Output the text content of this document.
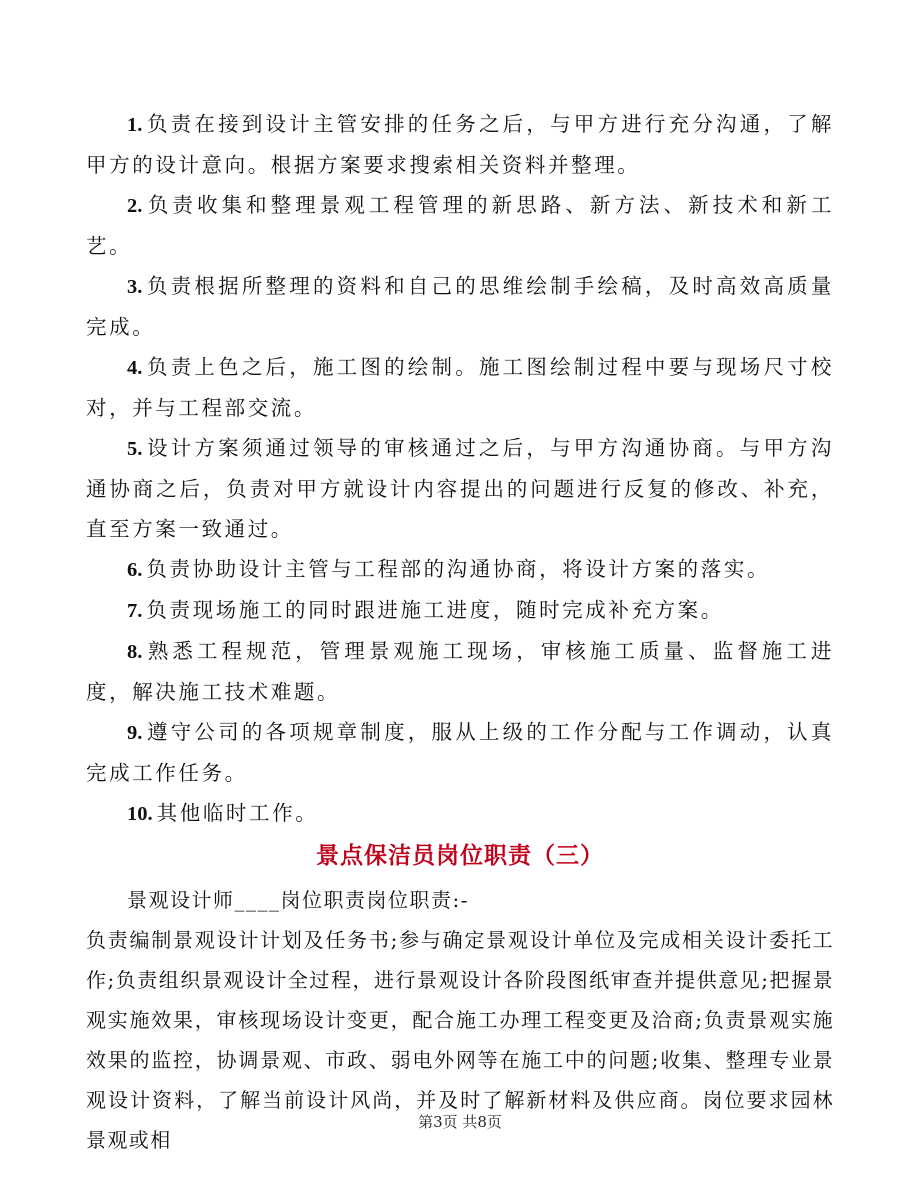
1. 负责在接到设计主管安排的任务之后，与甲方进行充分沟通，了解甲方的设计意向。根据方案要求搜索相关资料并整理。

2. 负责收集和整理景观工程管理的新思路、新方法、新技术和新工艺。

3. 负责根据所整理的资料和自己的思维绘制手绘稿，及时高效高质量完成。

4. 负责上色之后，施工图的绘制。施工图绘制过程中要与现场尺寸校对，并与工程部交流。

5. 设计方案须通过领导的审核通过之后，与甲方沟通协商。与甲方沟通协商之后，负责对甲方就设计内容提出的问题进行反复的修改、补充，直至方案一致通过。

6. 负责协助设计主管与工程部的沟通协商，将设计方案的落实。

7. 负责现场施工的同时跟进施工进度，随时完成补充方案。

8. 熟悉工程规范，管理景观施工现场，审核施工质量、监督施工进度，解决施工技术难题。

9. 遵守公司的各项规章制度，服从上级的工作分配与工作调动，认真完成工作任务。

10. 其他临时工作。

景点保洁员岗位职责（三）

景观设计师____岗位职责岗位职责:-

负责编制景观设计计划及任务书;参与确定景观设计单位及完成相关设计委托工作;负责组织景观设计全过程，进行景观设计各阶段图纸审查并提供意见;把握景观实施效果，审核现场设计变更，配合施工办理工程变更及洽商;负责景观实施效果的监控，协调景观、市政、弱电外网等在施工中的问题;收集、整理专业景观设计资料，了解当前设计风尚，并及时了解新材料及供应商。岗位要求园林景观或相

第3页 共8页
